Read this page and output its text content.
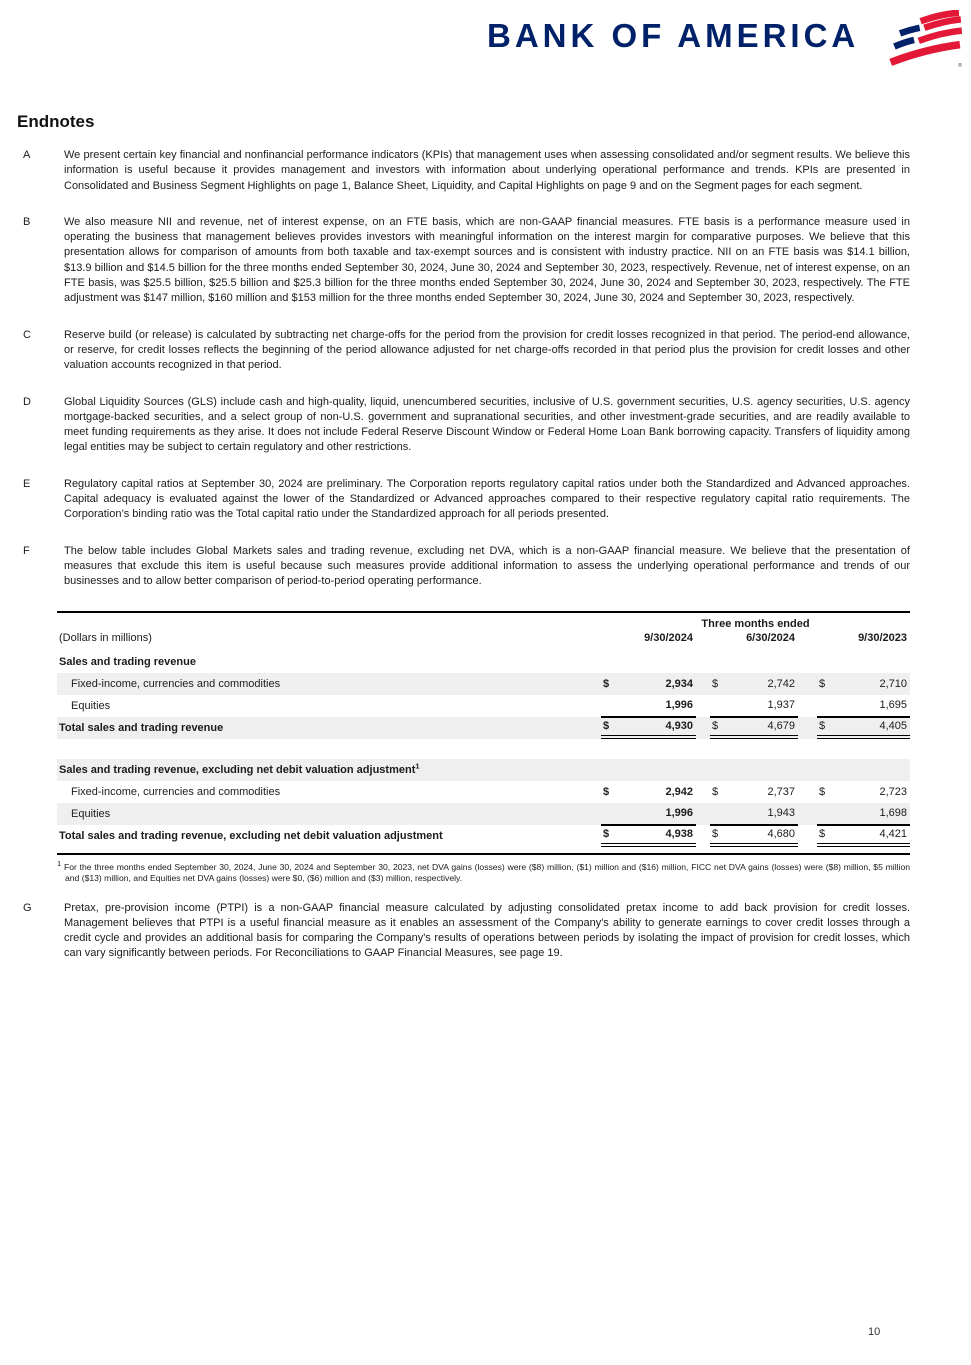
BANK OF AMERICA
®
Endnotes
A	We present certain key financial and nonfinancial performance indicators (KPIs) that management uses when assessing consolidated and/or segment results. We believe this information is useful because it provides management and investors with information about underlying operational performance and trends. KPIs are presented in Consolidated and Business Segment Highlights on page 1, Balance Sheet, Liquidity, and Capital Highlights on page 9 and on the Segment pages for each segment.
B	We also measure NII and revenue, net of interest expense, on an FTE basis, which are non-GAAP financial measures. FTE basis is a performance measure used in operating the business that management believes provides investors with meaningful information on the interest margin for comparative purposes. We believe that this presentation allows for comparison of amounts from both taxable and tax-exempt sources and is consistent with industry practice. NII on an FTE basis was $14.1 billion, $13.9 billion and $14.5 billion for the three months ended September 30, 2024, June 30, 2024 and September 30, 2023, respectively. Revenue, net of interest expense, on an FTE basis, was $25.5 billion, $25.5 billion and $25.3 billion for the three months ended September 30, 2024, June 30, 2024 and September 30, 2023, respectively. The FTE adjustment was $147 million, $160 million and $153 million for the three months ended September 30, 2024, June 30, 2024 and September 30, 2023, respectively.
C	Reserve build (or release) is calculated by subtracting net charge-offs for the period from the provision for credit losses recognized in that period. The period-end allowance, or reserve, for credit losses reflects the beginning of the period allowance adjusted for net charge-offs recorded in that period plus the provision for credit losses and other valuation accounts recognized in that period.
D	Global Liquidity Sources (GLS) include cash and high-quality, liquid, unencumbered securities, inclusive of U.S. government securities, U.S. agency securities, U.S. agency mortgage-backed securities, and a select group of non-U.S. government and supranational securities, and other investment-grade securities, and are readily available to meet funding requirements as they arise. It does not include Federal Reserve Discount Window or Federal Home Loan Bank borrowing capacity. Transfers of liquidity among legal entities may be subject to certain regulatory and other restrictions.
E	Regulatory capital ratios at September 30, 2024 are preliminary. The Corporation reports regulatory capital ratios under both the Standardized and Advanced approaches. Capital adequacy is evaluated against the lower of the Standardized or Advanced approaches compared to their respective regulatory capital ratio requirements. The Corporation’s binding ratio was the Total capital ratio under the Standardized approach for all periods presented.
F	The below table includes Global Markets sales and trading revenue, excluding net DVA, which is a non-GAAP financial measure. We believe that the presentation of measures that exclude this item is useful because such measures provide additional information to assess the underlying operational performance and trends of our businesses and to allow better comparison of period-to-period operating performance.
Three months ended
(Dollars in millions)	9/30/2024	6/30/2024	9/30/2023
Sales and trading revenue
Fixed-income, currencies and commodities	$	2,934 $	2,742 $	2,710
Equities	1,996	1,937	1,695
Total sales and trading revenue	$	4,930 $	4,679 $	4,405
Sales and trading revenue, excluding net debit valuation adjustment$^1$
Fixed-income, currencies and commodities	$	2,942 $	2,737 $	2,723
Equities	1,996	1,943	1,698
Total sales and trading revenue, excluding net debit valuation adjustment	$	4,938 $	4,680 $	4,421
$^1$ For the three months ended September 30, 2024, June 30, 2024 and September 30, 2023, net DVA gains (losses) were ($8) million, ($1) million and ($16) million, FICC net DVA gains (losses) were ($8) million, $5 million and ($13) million, and Equities net DVA gains (losses) were $0, ($6) million and ($3) million, respectively.
G	Pretax, pre-provision income (PTPI) is a non-GAAP financial measure calculated by adjusting consolidated pretax income to add back provision for credit losses. Management believes that PTPI is a useful financial measure as it enables an assessment of the Company's ability to generate earnings to cover credit losses through a credit cycle and provides an additional basis for comparing the Company's results of operations between periods by isolating the impact of provision for credit losses, which can vary significantly between periods. For Reconciliations to GAAP Financial Measures, see page 19.
10
